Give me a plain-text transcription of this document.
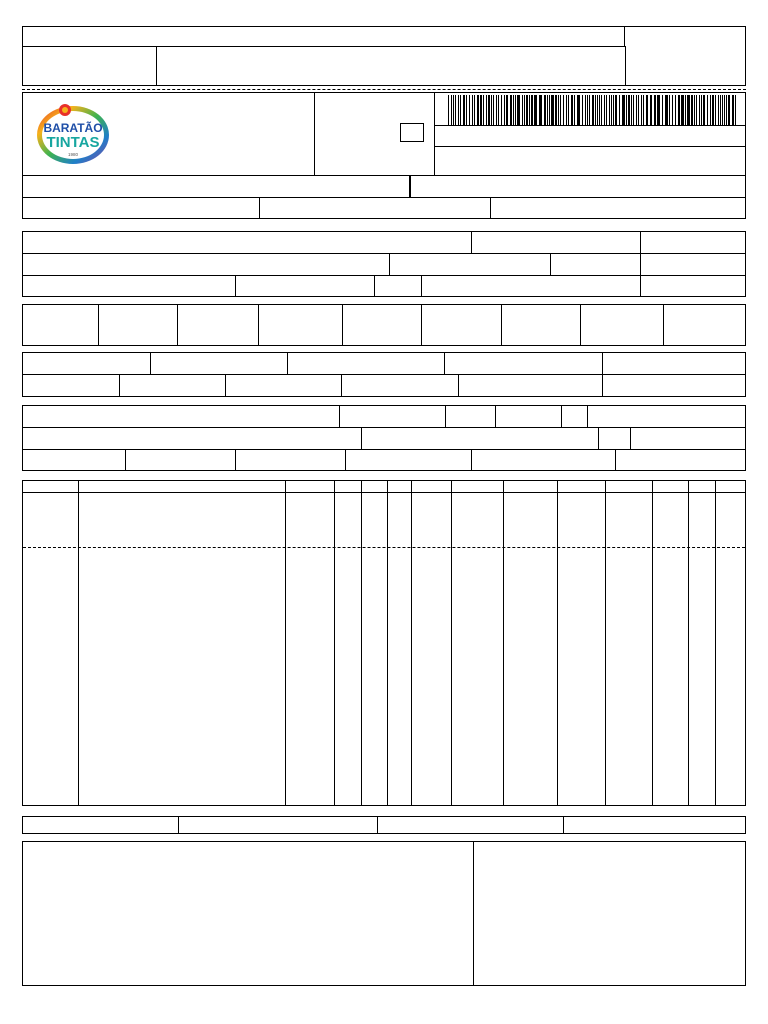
BARATÃO
TINTAS
1980
